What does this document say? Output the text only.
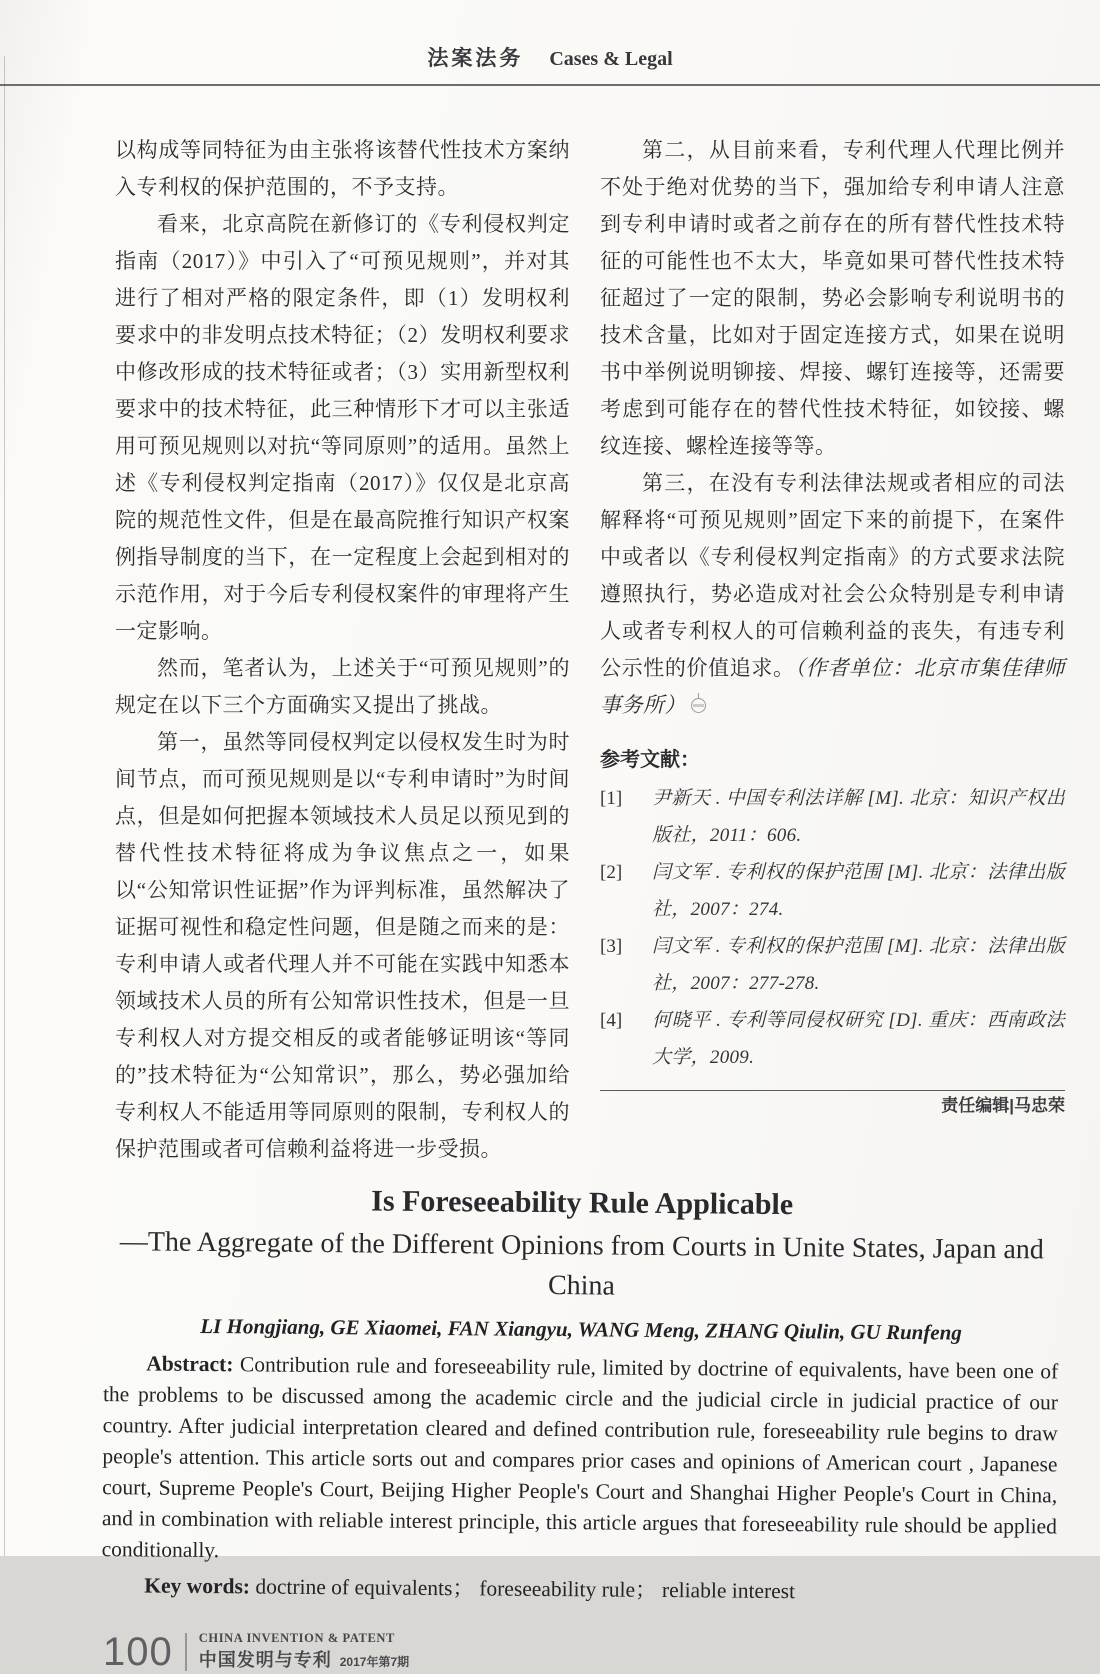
法案法务 Cases & Legal

以构成等同特征为由主张将该替代性技术方案纳入专利权的保护范围的，不予支持。

看来，北京高院在新修订的《专利侵权判定指南（2017）》中引入了“可预见规则”，并对其进行了相对严格的限定条件，即（1）发明权利要求中的非发明点技术特征；（2）发明权利要求中修改形成的技术特征或者；（3）实用新型权利要求中的技术特征，此三种情形下才可以主张适用可预见规则以对抗“等同原则”的适用。虽然上述《专利侵权判定指南（2017）》仅仅是北京高院的规范性文件，但是在最高院推行知识产权案例指导制度的当下，在一定程度上会起到相对的示范作用，对于今后专利侵权案件的审理将产生一定影响。

然而，笔者认为，上述关于“可预见规则”的规定在以下三个方面确实又提出了挑战。

第一，虽然等同侵权判定以侵权发生时为时间节点，而可预见规则是以“专利申请时”为时间点，但是如何把握本领域技术人员足以预见到的替代性技术特征将成为争议焦点之一，如果以“公知常识性证据”作为评判标准，虽然解决了证据可视性和稳定性问题，但是随之而来的是：专利申请人或者代理人并不可能在实践中知悉本领域技术人员的所有公知常识性技术，但是一旦专利权人对方提交相反的或者能够证明该“等同的”技术特征为“公知常识”，那么，势必强加给专利权人不能适用等同原则的限制，专利权人的保护范围或者可信赖利益将进一步受损。

第二，从目前来看，专利代理人代理比例并不处于绝对优势的当下，强加给专利申请人注意到专利申请时或者之前存在的所有替代性技术特征的可能性也不太大，毕竟如果可替代性技术特征超过了一定的限制，势必会影响专利说明书的技术含量，比如对于固定连接方式，如果在说明书中举例说明铆接、焊接、螺钉连接等，还需要考虑到可能存在的替代性技术特征，如铰接、螺纹连接、螺栓连接等等。

第三，在没有专利法律法规或者相应的司法解释将“可预见规则”固定下来的前提下，在案件中或者以《专利侵权判定指南》的方式要求法院遵照执行，势必造成对社会公众特别是专利申请人或者专利权人的可信赖利益的丧失，有违专利公示性的价值追求。（作者单位：北京市集佳律师事务所）

参考文献：
[1]	尹新天 . 中国专利法详解 [M]. 北京：知识产权出版社，2011：606.
[2]	闫文军 . 专利权的保护范围 [M]. 北京：法律出版社，2007：274.
[3]	闫文军 . 专利权的保护范围 [M]. 北京：法律出版社，2007：277-278.
[4]	何晓平 . 专利等同侵权研究 [D]. 重庆：西南政法大学，2009.
责任编辑|马忠荣
Is Foreseeability Rule Applicable
—The Aggregate of the Different Opinions from Courts in Unite States, Japan and China
LI Hongjiang, GE Xiaomei, FAN Xiangyu, WANG Meng, ZHANG Qiulin, GU Runfeng

Abstract: Contribution rule and foreseeability rule, limited by doctrine of equivalents, have been one of the problems to be discussed among the academic circle and the judicial circle in judicial practice of our country. After judicial interpretation cleared and defined contribution rule, foreseeability rule begins to draw people's attention. This article sorts out and compares prior cases and opinions of American court , Japanese court, Supreme People's Court, Beijing Higher People's Court and Shanghai Higher People's Court in China, and in combination with reliable interest principle, this article argues that foreseeability rule should be applied conditionally.

Key words: doctrine of equivalents； foreseeability rule； reliable interest

100 CHINA INVENTION & PATENT
中国发明与专利 2017年第7期
